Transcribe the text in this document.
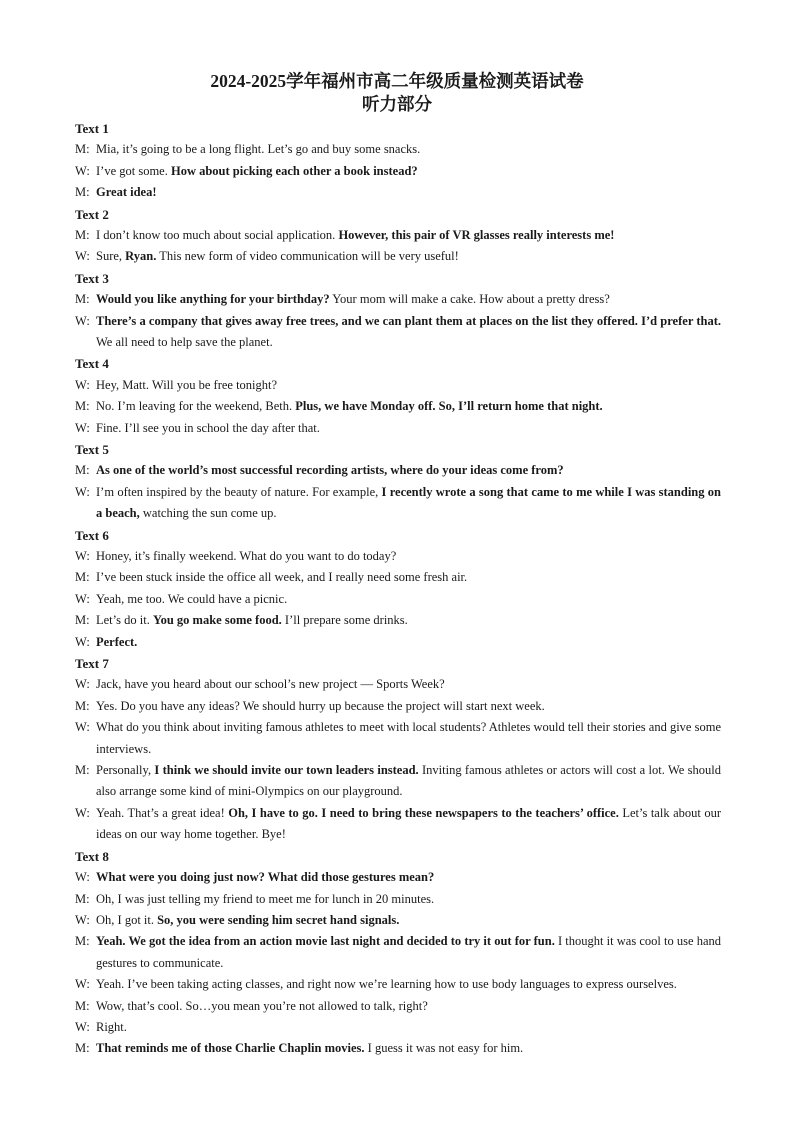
2024-2025学年福州市高二年级质量检测英语试卷
听力部分
Text 1
M: Mia, it’s going to be a long flight. Let’s go and buy some snacks.
W: I’ve got some. How about picking each other a book instead?
M: Great idea!
Text 2
M: I don’t know too much about social application. However, this pair of VR glasses really interests me!
W: Sure, Ryan. This new form of video communication will be very useful!
Text 3
M: Would you like anything for your birthday? Your mom will make a cake. How about a pretty dress?
W: There’s a company that gives away free trees, and we can plant them at places on the list they offered. I’d prefer that. We all need to help save the planet.
Text 4
W: Hey, Matt. Will you be free tonight?
M: No. I’m leaving for the weekend, Beth. Plus, we have Monday off. So, I’ll return home that night.
W: Fine. I’ll see you in school the day after that.
Text 5
M: As one of the world’s most successful recording artists, where do your ideas come from?
W: I’m often inspired by the beauty of nature. For example, I recently wrote a song that came to me while I was standing on a beach, watching the sun come up.
Text 6
W: Honey, it’s finally weekend. What do you want to do today?
M: I’ve been stuck inside the office all week, and I really need some fresh air.
W: Yeah, me too. We could have a picnic.
M: Let’s do it. You go make some food. I’ll prepare some drinks.
W: Perfect.
Text 7
W: Jack, have you heard about our school’s new project — Sports Week?
M: Yes. Do you have any ideas? We should hurry up because the project will start next week.
W: What do you think about inviting famous athletes to meet with local students? Athletes would tell their stories and give some interviews.
M: Personally, I think we should invite our town leaders instead. Inviting famous athletes or actors will cost a lot. We should also arrange some kind of mini-Olympics on our playground.
W: Yeah. That’s a great idea! Oh, I have to go. I need to bring these newspapers to the teachers’ office. Let’s talk about our ideas on our way home together. Bye!
Text 8
W: What were you doing just now? What did those gestures mean?
M: Oh, I was just telling my friend to meet me for lunch in 20 minutes.
W: Oh, I got it. So, you were sending him secret hand signals.
M: Yeah. We got the idea from an action movie last night and decided to try it out for fun. I thought it was cool to use hand gestures to communicate.
W: Yeah. I’ve been taking acting classes, and right now we’re learning how to use body languages to express ourselves.
M: Wow, that’s cool. So…you mean you’re not allowed to talk, right?
W: Right.
M: That reminds me of those Charlie Chaplin movies. I guess it was not easy for him.
